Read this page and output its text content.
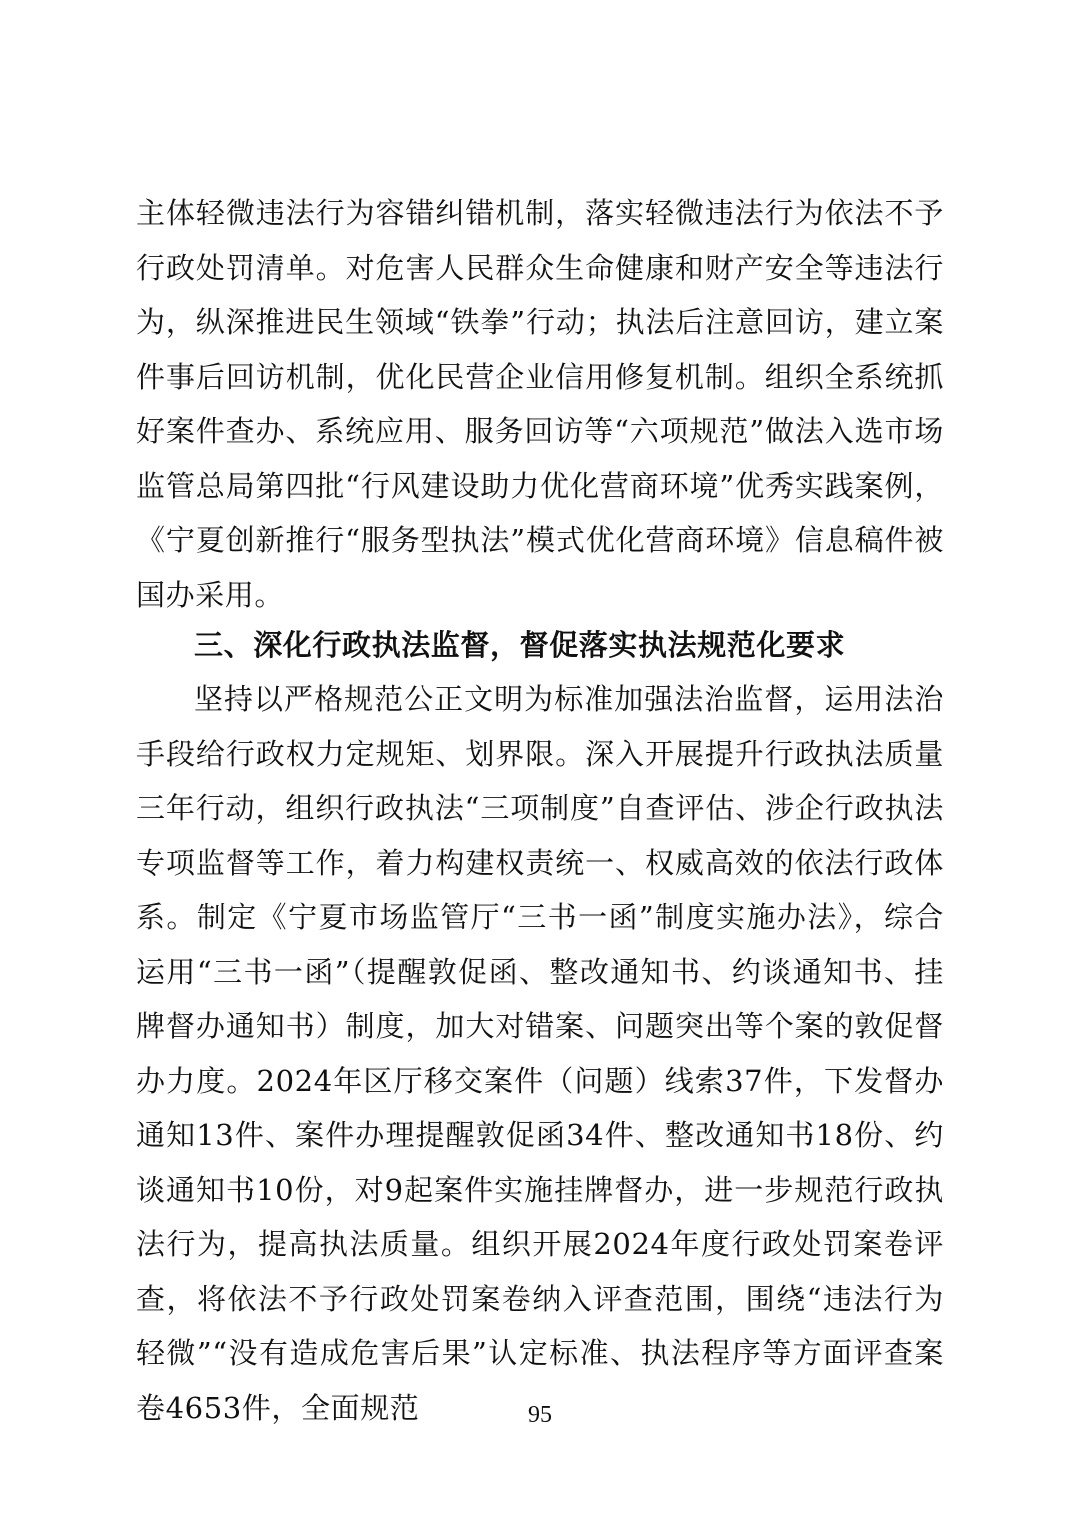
主体轻微违法行为容错纠错机制，落实轻微违法行为依法不予行政处罚清单。对危害人民群众生命健康和财产安全等违法行为，纵深推进民生领域“铁拳”行动；执法后注意回访，建立案件事后回访机制，优化民营企业信用修复机制。组织全系统抓好案件查办、系统应用、服务回访等“六项规范”做法入选市场监管总局第四批“行风建设助力优化营商环境”优秀实践案例，《宁夏创新推行“服务型执法”模式优化营商环境》信息稿件被国办采用。
三、深化行政执法监督，督促落实执法规范化要求
坚持以严格规范公正文明为标准加强法治监督，运用法治手段给行政权力定规矩、划界限。深入开展提升行政执法质量三年行动，组织行政执法“三项制度”自查评估、涉企行政执法专项监督等工作，着力构建权责统一、权威高效的依法行政体系。制定《宁夏市场监管厅“三书一函”制度实施办法》，综合运用“三书一函”（提醒敦促函、整改通知书、约谈通知书、挂牌督办通知书）制度，加大对错案、问题突出等个案的敦促督办力度。2024年区厅移交案件（问题）线索37件，下发督办通知13件、案件办理提醒敦促函34件、整改通知书18份、约谈通知书10份，对9起案件实施挂牌督办，进一步规范行政执法行为，提高执法质量。组织开展2024年度行政处罚案卷评查，将依法不予行政处罚案卷纳入评查范围，围绕“违法行为轻微”“没有造成危害后果”认定标准、执法程序等方面评查案卷4653件，全面规范	95
